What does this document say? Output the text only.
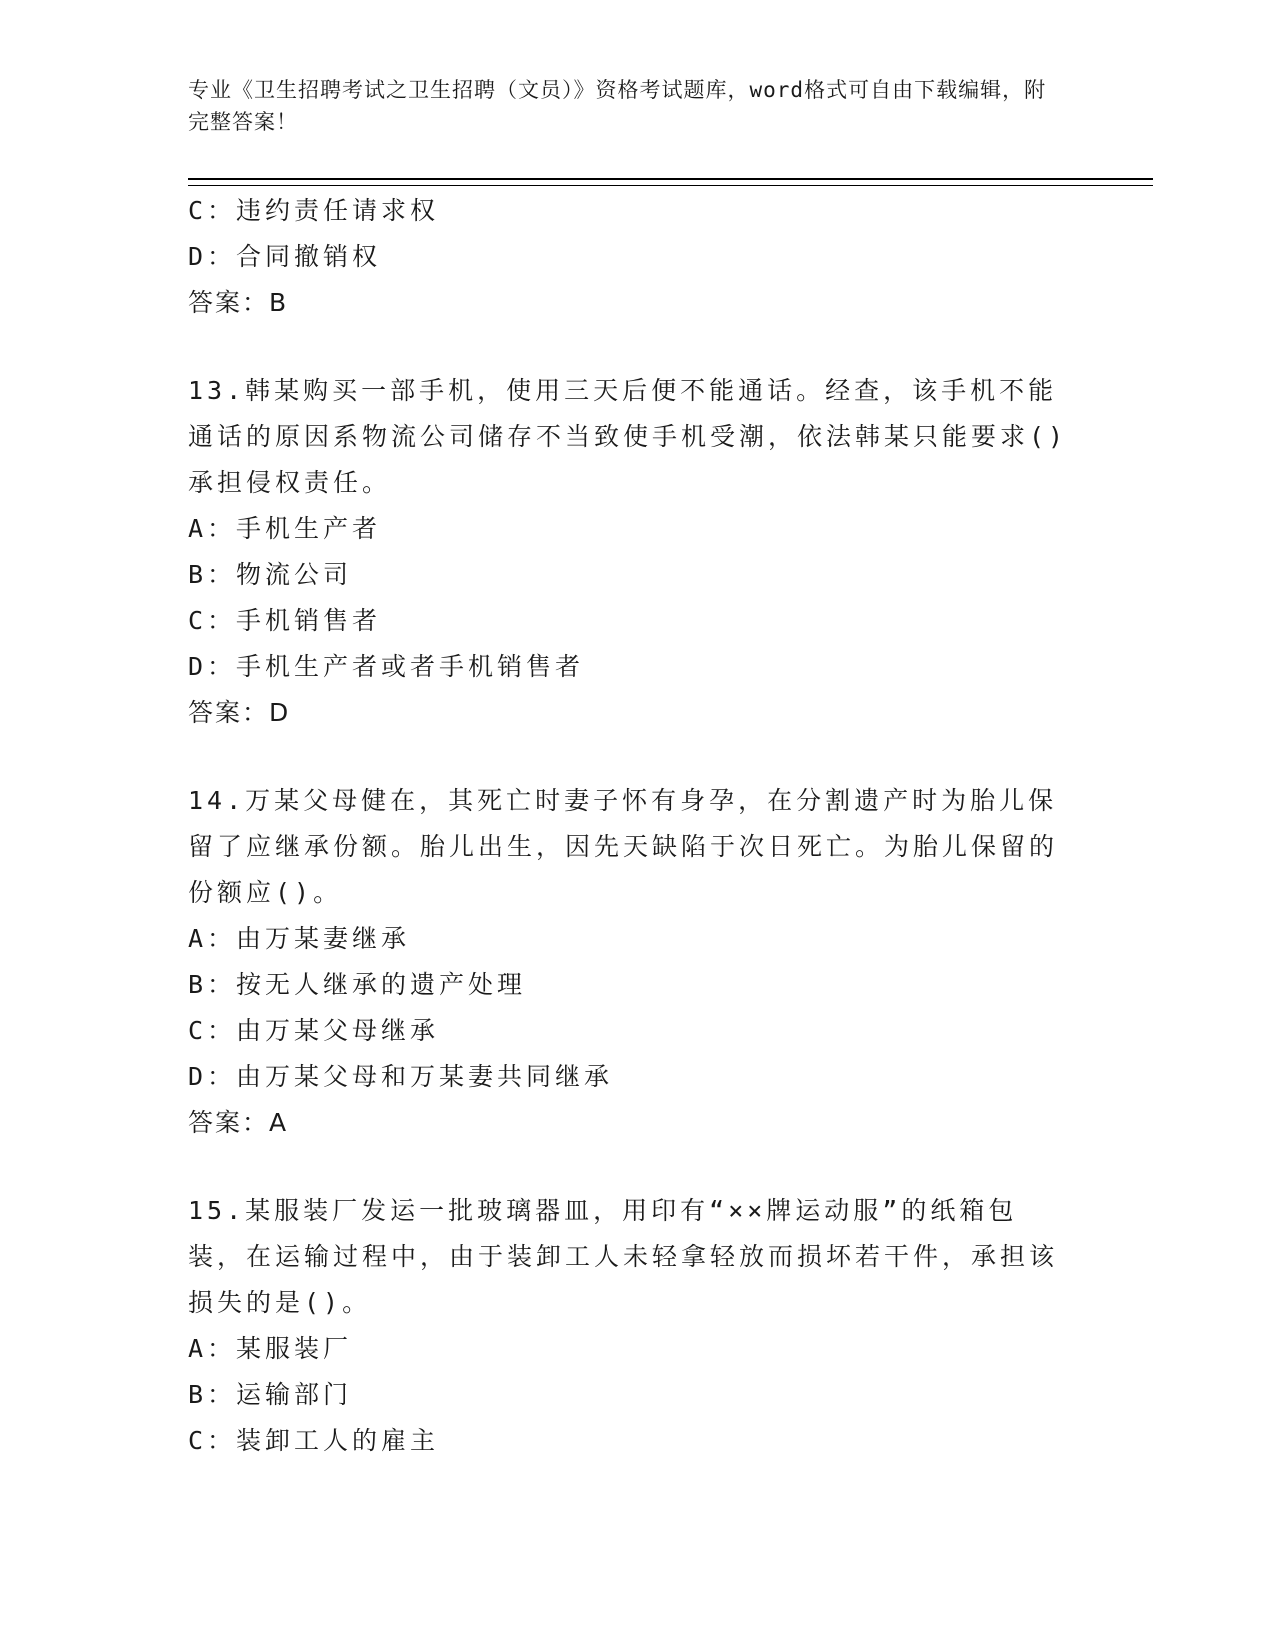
专业《卫生招聘考试之卫生招聘（文员）》资格考试题库，word格式可自由下载编辑，附完整答案！
C：违约责任请求权
D：合同撤销权
答案：B
13.韩某购买一部手机，使用三天后便不能通话。经查，该手机不能通话的原因系物流公司储存不当致使手机受潮，依法韩某只能要求()承担侵权责任。
A：手机生产者
B：物流公司
C：手机销售者
D：手机生产者或者手机销售者
答案：D
14.万某父母健在，其死亡时妻子怀有身孕，在分割遗产时为胎儿保留了应继承份额。胎儿出生，因先天缺陷于次日死亡。为胎儿保留的份额应()。
A：由万某妻继承
B：按无人继承的遗产处理
C：由万某父母继承
D：由万某父母和万某妻共同继承
答案：A
15.某服装厂发运一批玻璃器皿，用印有“××牌运动服”的纸箱包装，在运输过程中，由于装卸工人未轻拿轻放而损坏若干件，承担该损失的是()。
A：某服装厂
B：运输部门
C：装卸工人的雇主
